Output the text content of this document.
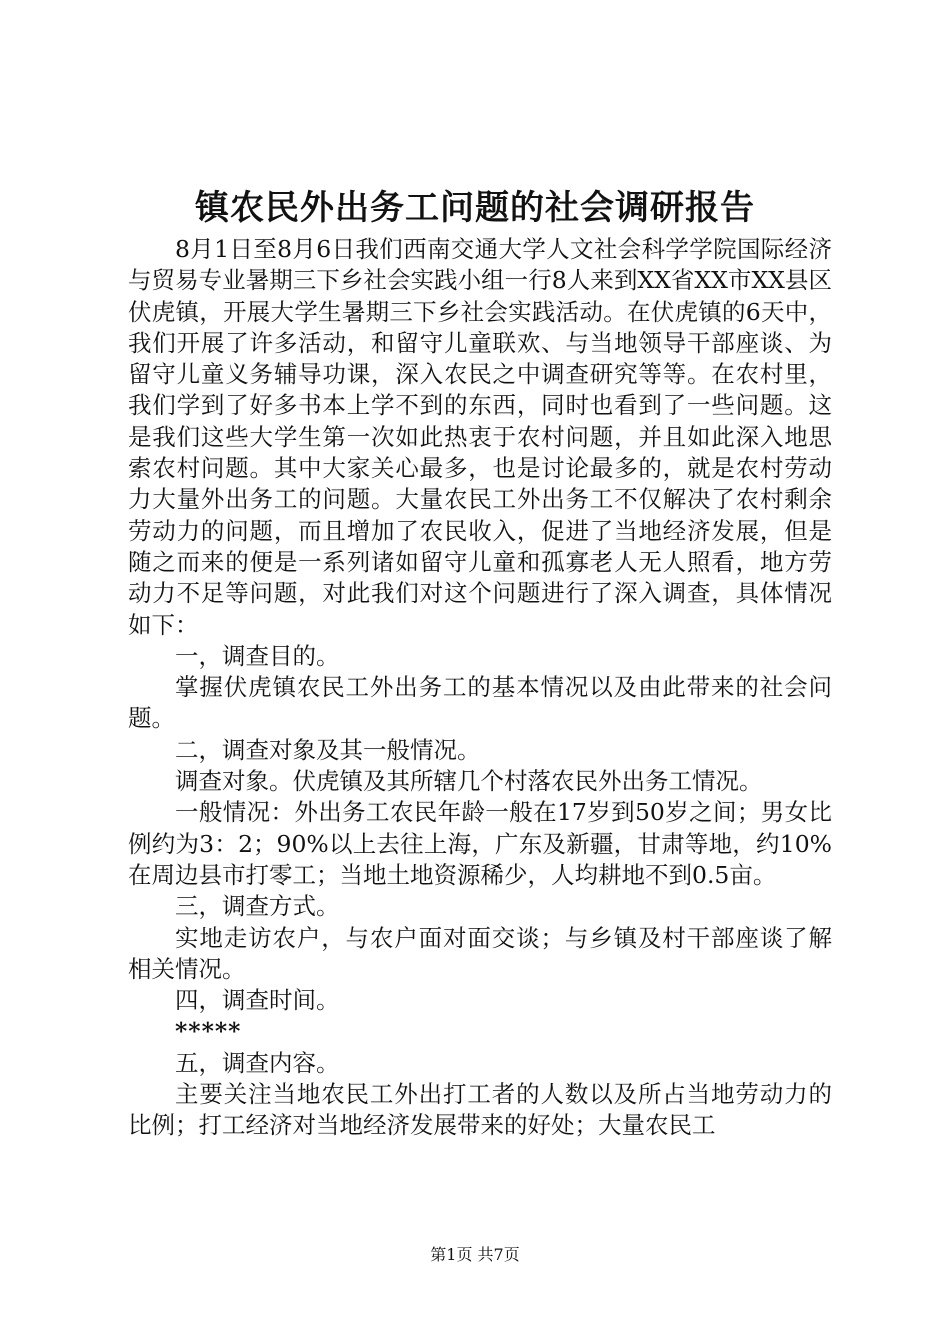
镇农民外出务工问题的社会调研报告

8月1日至8月6日我们西南交通大学人文社会科学学院国际经济与贸易专业暑期三下乡社会实践小组一行8人来到XX省XX市XX县区伏虎镇，开展大学生暑期三下乡社会实践活动。在伏虎镇的6天中，我们开展了许多活动，和留守儿童联欢、与当地领导干部座谈、为留守儿童义务辅导功课，深入农民之中调查研究等等。在农村里，我们学到了好多书本上学不到的东西，同时也看到了一些问题。这是我们这些大学生第一次如此热衷于农村问题，并且如此深入地思索农村问题。其中大家关心最多，也是讨论最多的，就是农村劳动力大量外出务工的问题。大量农民工外出务工不仅解决了农村剩余劳动力的问题，而且增加了农民收入，促进了当地经济发展，但是随之而来的便是一系列诸如留守儿童和孤寡老人无人照看，地方劳动力不足等问题，对此我们对这个问题进行了深入调查，具体情况如下：

一，调查目的。

掌握伏虎镇农民工外出务工的基本情况以及由此带来的社会问题。

二，调查对象及其一般情况。

调查对象。伏虎镇及其所辖几个村落农民外出务工情况。

一般情况：外出务工农民年龄一般在17岁到50岁之间；男女比例约为3：2；90%以上去往上海，广东及新疆，甘肃等地，约10%在周边县市打零工；当地土地资源稀少，人均耕地不到0.5亩。

三，调查方式。

实地走访农户，与农户面对面交谈；与乡镇及村干部座谈了解相关情况。

四，调查时间。

*****

五，调查内容。

主要关注当地农民工外出打工者的人数以及所占当地劳动力的比例；打工经济对当地经济发展带来的好处；大量农民工

第1页 共7页
